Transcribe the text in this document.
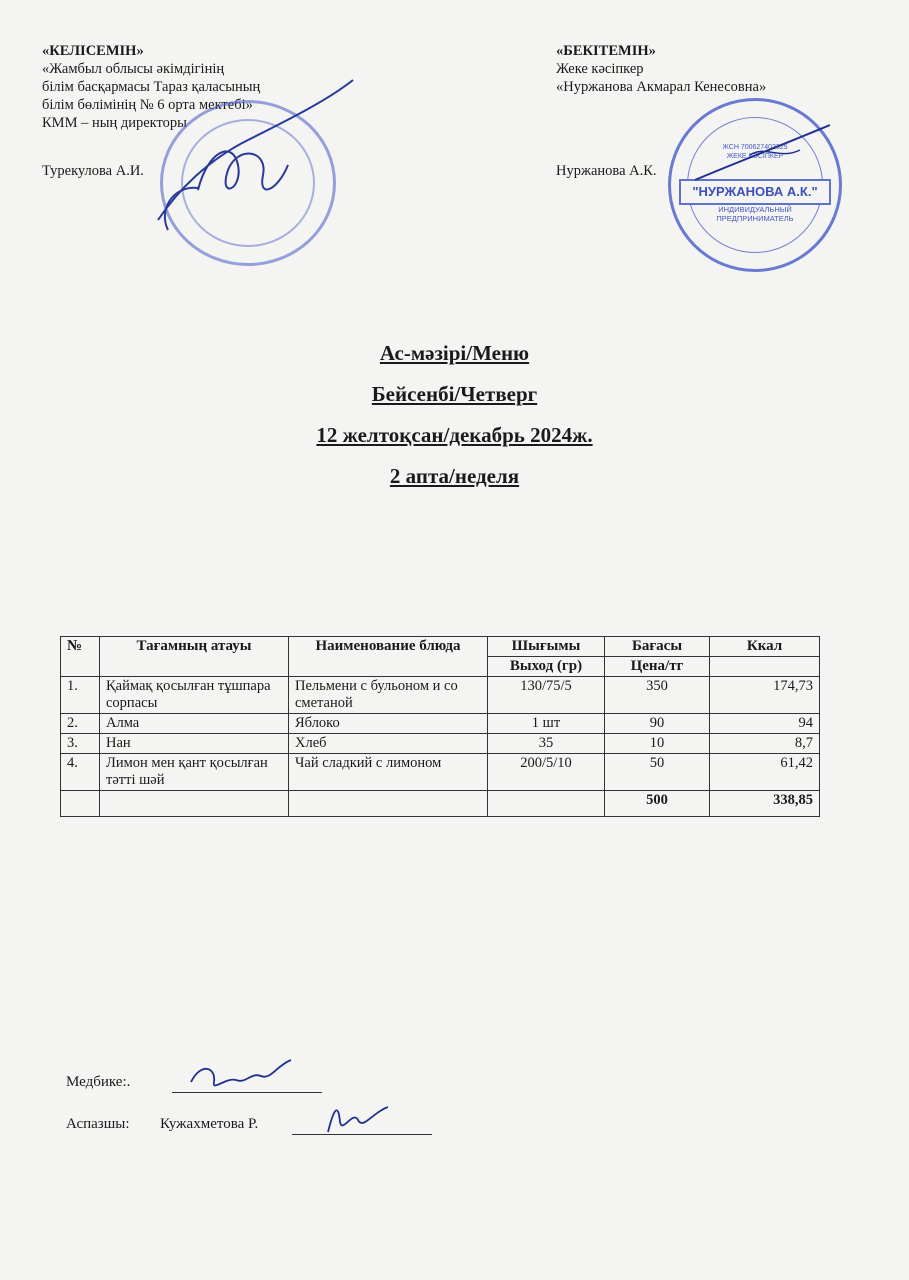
«КЕЛІСЕМІН»
«Жамбыл облысы әкімдігінің
білім басқармасы Тараз қаласының
білім бөлімінің № 6 орта мектебі»
КММ – ның директоры
Турекулова А.И.
«БЕКІТЕМІН»
Жеке кәсіпкер
«Нуржанова Акмарал Кенесовна»
Нуржанова А.К.
ЖСН 700627402325
ЖЕКЕ КӘСІПКЕР
"НУРЖАНОВА А.К."
ИНДИВИДУАЛЬНЫЙ
ПРЕДПРИНИМАТЕЛЬ
Ас-мәзірі/Меню
Бейсенбі/Четверг
12 желтоқсан/декабрь 2024ж.
2 апта/неделя
№	Тағамның атауы	Наименование блюда	Шығымы	Бағасы	Ккал
			Выход (гр)	Цена/тг	
1.	Қаймақ қосылған тұшпара сорпасы	Пельмени с бульоном и со сметаной	130/75/5	350	174,73
2.	Алма	Яблоко	1 шт	90	94
3.	Нан	Хлеб	35	10	8,7
4.	Лимон мен қант қосылған тәтті шәй	Чай сладкий с лимоном	200/5/10	50	61,42
				500	338,85
Медбике:.
Аспазшы: Кужахметова Р.
